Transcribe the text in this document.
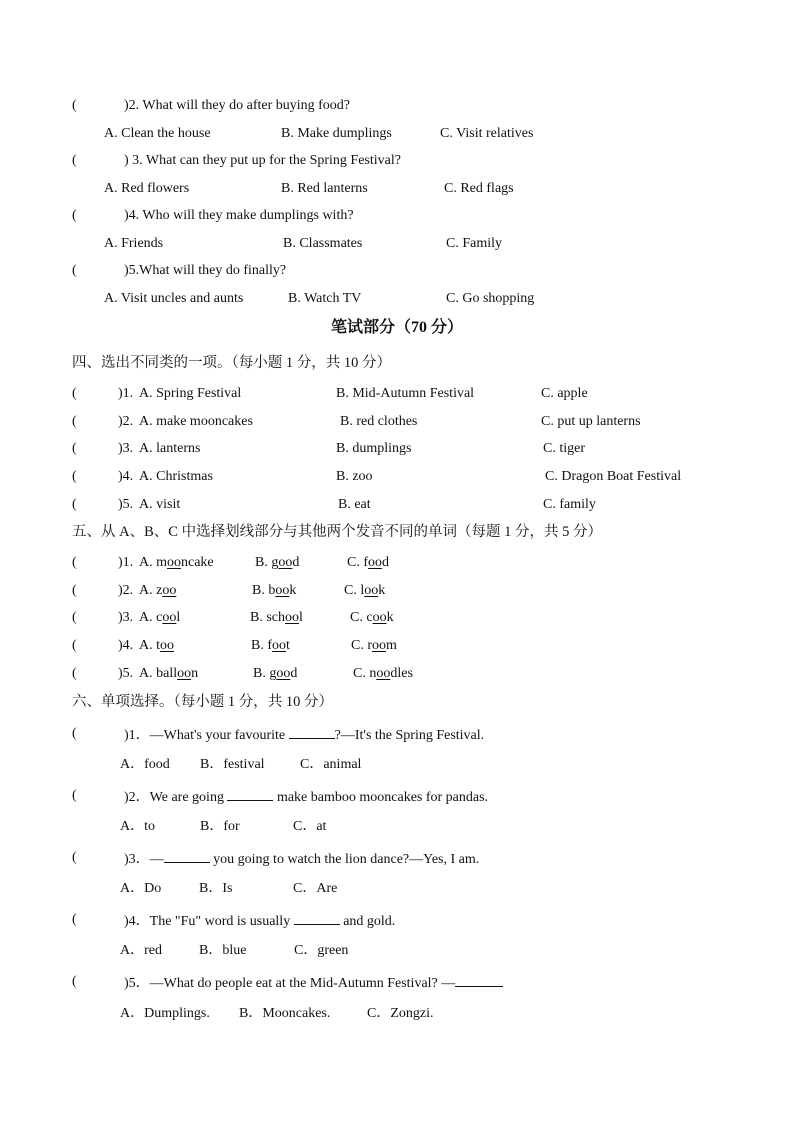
(	)2. What will they do after buying food?
A. Clean the house	B. Make dumplings	C. Visit relatives
(	) 3. What can they put up for the Spring Festival?
A. Red flowers	B. Red lanterns	C. Red flags
(	)4. Who will they make dumplings with?
A. Friends	B. Classmates	C. Family
(	)5.What will they do finally?
A. Visit uncles and aunts	B. Watch TV	C. Go shopping
笔试部分（70 分）
四、选出不同类的一项。（每小题 1 分，共 10 分）
(	)1. A. Spring Festival	B. Mid-Autumn Festival	C. apple
(	)2. A. make mooncakes	B. red clothes	C. put up lanterns
(	)3. A. lanterns	B. dumplings	C. tiger
(	)4. A. Christmas	B. zoo	C. Dragon Boat Festival
(	)5. A. visit	B. eat	C. family
五、从 A、B、C 中选择划线部分与其他两个发音不同的单词（每题 1 分，共 5 分）
(	)1. A. mooncake	B. good	C. food
(	)2. A. zoo	B. book	C. look
(	)3. A. cool	B. school	C. cook
(	)4. A. too	B. foot	C. room
(	)5. A. balloon	B. good	C. noodles
六、单项选择。（每小题 1 分，共 10 分）
(	)1．—What's your favourite	?—It's the Spring Festival.
A．food B．festival	C．animal
(	)2．We are going	make bamboo mooncakes for pandas.
A．to	B．for	C．at
(	)3．—	you going to watch the lion dance?—Yes, I am.
A．Do	B．Is	C．Are
(	)4．The "Fu" word is usually	and gold.
A．red	B．blue	C．green
(	)5．—What do people eat at the Mid-Autumn Festival? —
A．Dumplings. B．Mooncakes.	C．Zongzi.
